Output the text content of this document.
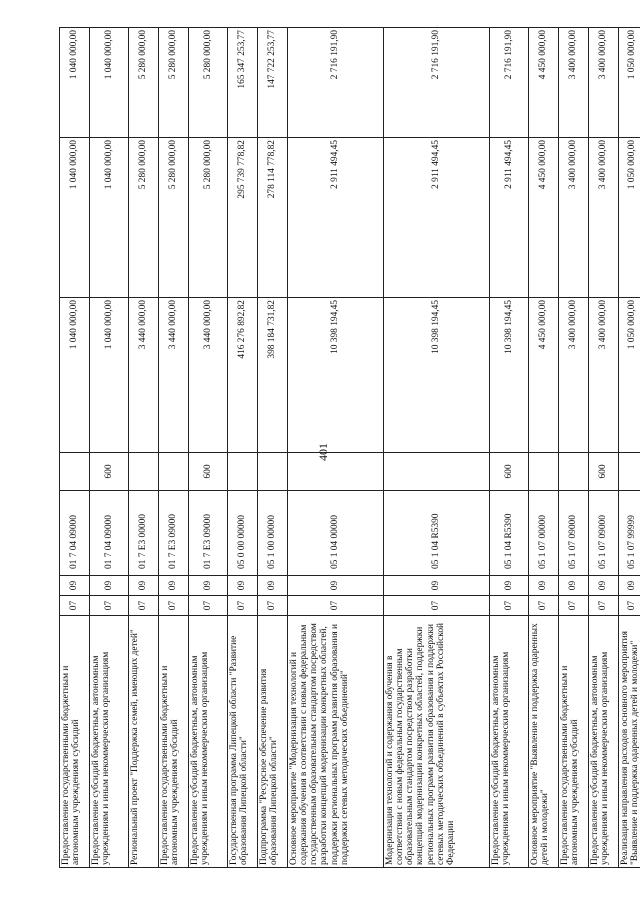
401
Предоставление государственными бюджетным и автономным учреждениям субсидий	07	09	01 7 04 09000		1 040 000,00	1 040 000,00	1 040 000,00
Предоставление субсидий бюджетным, автономным учреждениям и иным некоммерческим организациям	07	09	01 7 04 09000	600	1 040 000,00	1 040 000,00	1 040 000,00
Региональный проект "Поддержка семей, имеющих детей"	07	09	01 7 E3 00000		3 440 000,00	5 280 000,00	5 280 000,00
Предоставление государственными бюджетным и автономным учреждениям субсидий	07	09	01 7 E3 09000		3 440 000,00	5 280 000,00	5 280 000,00
Предоставление субсидий бюджетным, автономным учреждениям и иным некоммерческим организациям	07	09	01 7 E3 09000	600	3 440 000,00	5 280 000,00	5 280 000,00
Государственная программа Липецкой области "Развитие образования Липецкой области"	07	09	05 0 00 00000		416 276 892,82	295 739 778,82	165 347 253,77
Подпрограмма "Ресурсное обеспечение развития образования Липецкой области"	07	09	05 1 00 00000		398 184 731,82	278 114 778,82	147 722 253,77
Основное мероприятие "Модернизация технологий и содержания обучения в соответствии с новым федеральным государственным образовательным стандартом посредством разработки концепций модернизации конкретных областей, поддержки региональных программ развития образования и поддержки сетевых методических объединений"	07	09	05 1 04 00000		10 398 194,45	2 911 494,45	2 716 191,90
Модернизация технологий и содержания обучения в соответствии с новым федеральным государственным образовательным стандартом посредством разработки концепций модернизации конкретных областей, поддержки региональных программ развития образования и поддержки сетевых методических объединений в субъектах Российской Федерации	07	09	05 1 04 R5390		10 398 194,45	2 911 494,45	2 716 191,90
Предоставление субсидий бюджетным, автономным учреждениям и иным некоммерческим организациям	07	09	05 1 04 R5390	600	10 398 194,45	2 911 494,45	2 716 191,90
Основное мероприятие "Выявление и поддержка одаренных детей и молодежи"	07	09	05 1 07 00000		4 450 000,00	4 450 000,00	4 450 000,00
Предоставление государственными бюджетным и автономным учреждениям субсидий	07	09	05 1 07 09000		3 400 000,00	3 400 000,00	3 400 000,00
Предоставление субсидий бюджетным, автономным учреждениям и иным некоммерческим организациям	07	09	05 1 07 09000	600	3 400 000,00	3 400 000,00	3 400 000,00
Реализация направления расходов основного мероприятия "Выявление и поддержка одаренных детей и молодежи"	07	09	05 1 07 99999		1 050 000,00	1 050 000,00	1 050 000,00
